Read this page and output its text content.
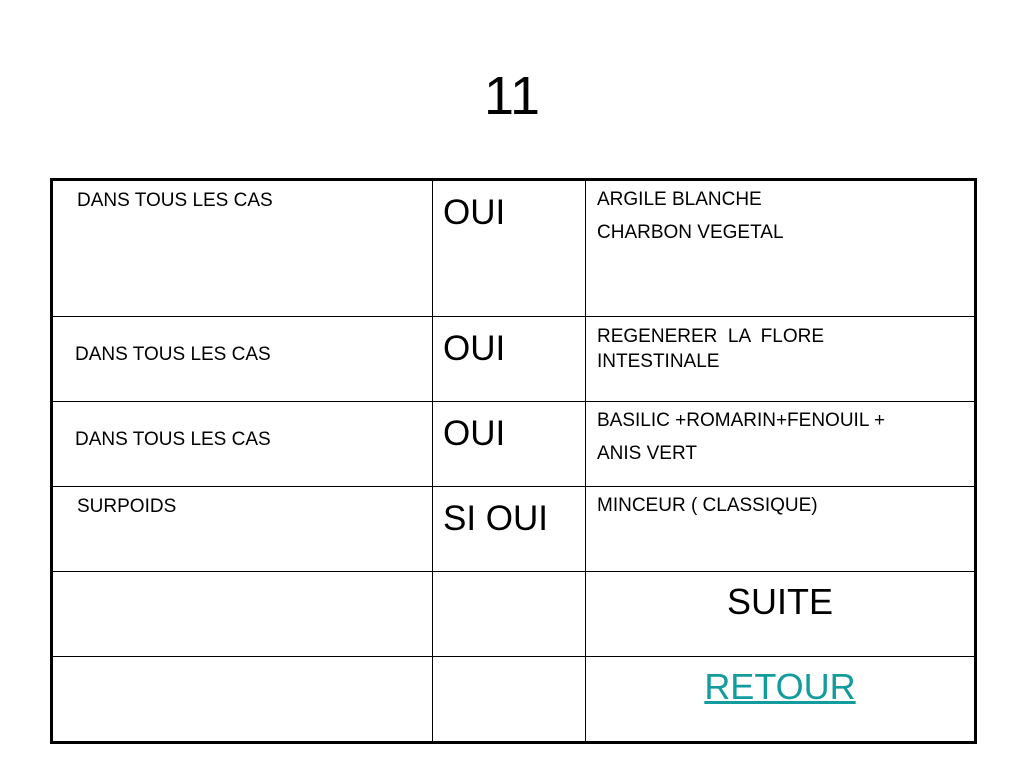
11
DANS TOUS LES CAS	OUI	ARGILE BLANCHE
CHARBON VEGETAL

DANS TOUS LES CAS	OUI	REGENERER  LA  FLORE
INTESTINALE

DANS TOUS LES CAS	OUI	BASILIC +ROMARIN+FENOUIL +
ANIS VERT

SURPOIDS	SI OUI	MINCEUR ( CLASSIQUE)

		SUITE

		RETOUR
